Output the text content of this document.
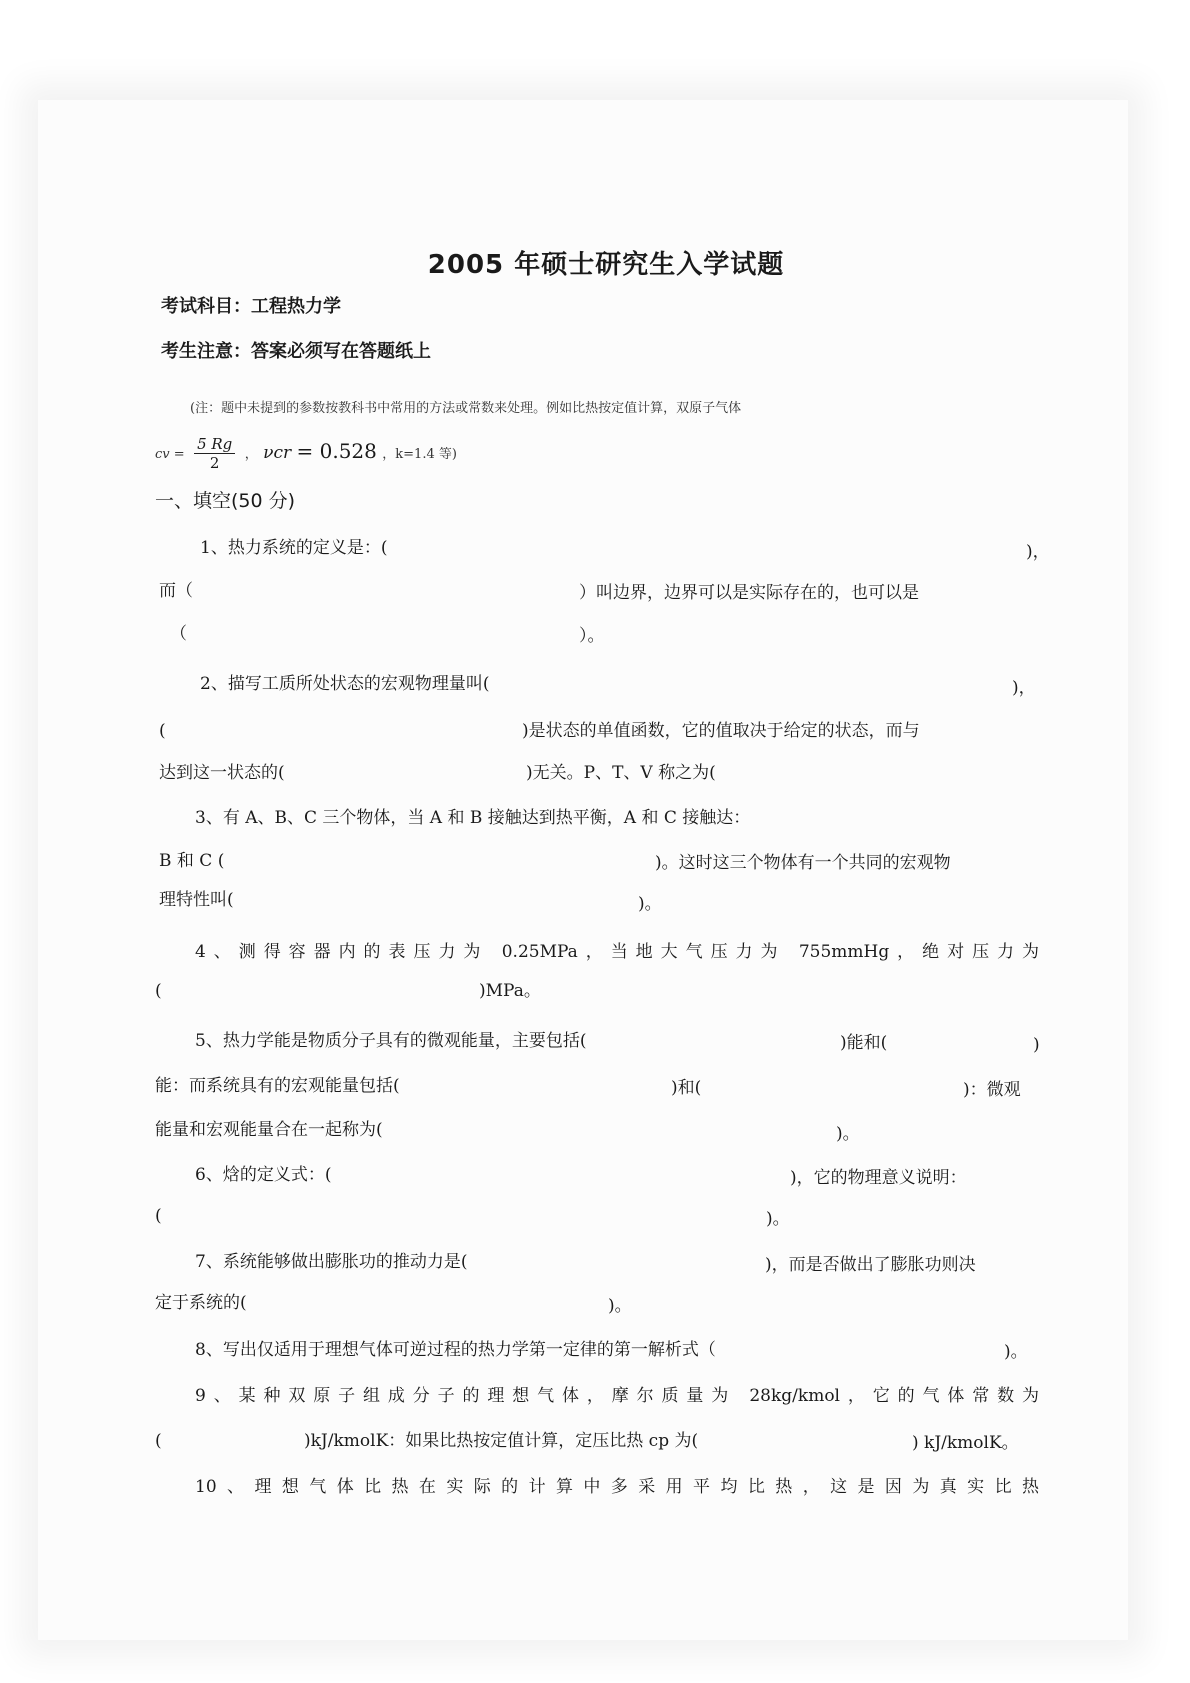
2005 年硕士研究生入学试题
考试科目：工程热力学
考生注意：答案必须写在答题纸上
(注：题中未提到的参数按教科书中常用的方法或常数来处理。例如比热按定值计算，双原子气体
cv = $\frac{5 Rg}{2}$ ， νcr = 0.528 ，k=1.4 等)
一、填空(50 分)
1、热力系统的定义是：(	)，
而（	）叫边界，边界可以是实际存在的，也可以是
（	）。
2、描写工质所处状态的宏观物理量叫(	)，
(	)是状态的单值函数，它的值取决于给定的状态，而与
达到这一状态的(	)无关。P、T、V 称之为(
3、有 A、B、C 三个物体，当 A 和 B 接触达到热平衡，A 和 C 接触达：
B 和 C (	)。这时这三个物体有一个共同的宏观物
理特性叫(	)。
4、测得容器内的表压力为 0.25MPa，当地大气压力为 755mmHg，绝对压力为
(	)MPa。
5、热力学能是物质分子具有的微观能量，主要包括(	)能和(	)
能：而系统具有的宏观能量包括(	)和(	)：微观
能量和宏观能量合在一起称为(	)。
6、焓的定义式：(	)，它的物理意义说明：
(	)。
7、系统能够做出膨胀功的推动力是(	)，而是否做出了膨胀功则决
定于系统的(	)。
8、写出仅适用于理想气体可逆过程的热力学第一定律的第一解析式（	)。
9、某种双原子组成分子的理想气体，摩尔质量为 28kg/kmol，它的气体常数为
(	)kJ/kmolK：如果比热按定值计算，定压比热 cp 为(	) kJ/kmolK。
10、理想气体比热在实际的计算中多采用平均比热，这是因为真实比热
